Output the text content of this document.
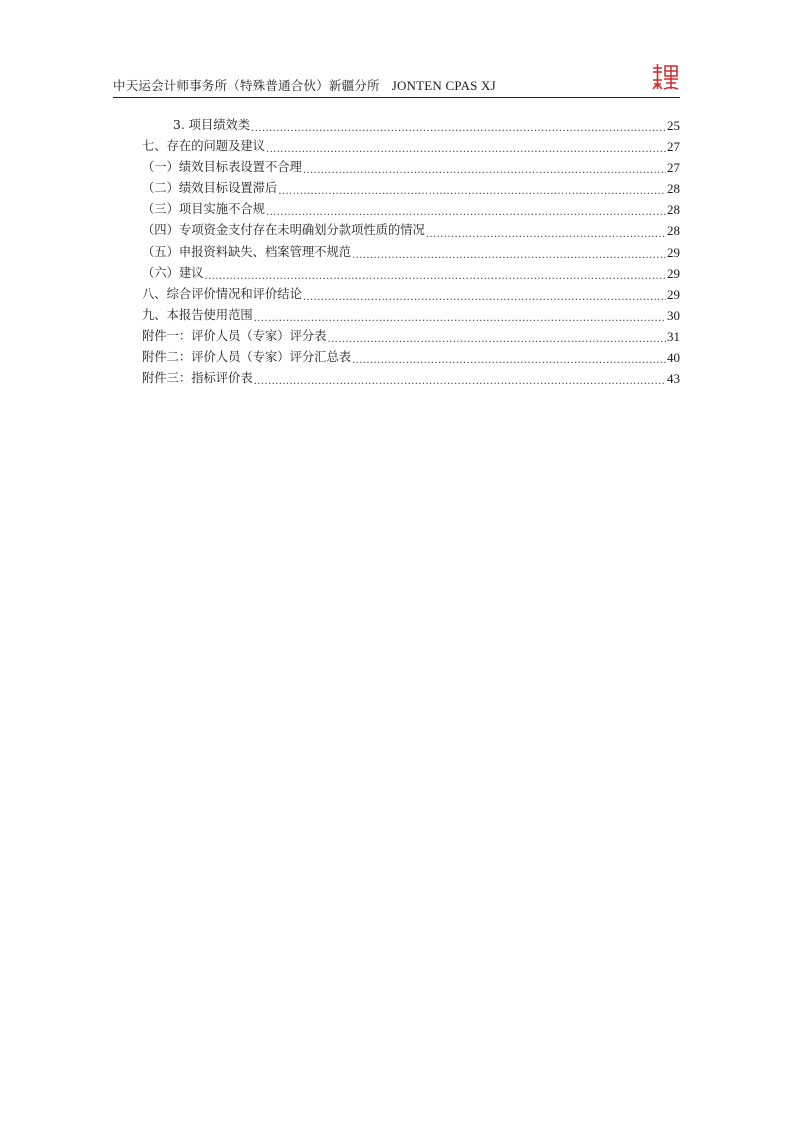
中天运会计师事务所（特殊普通合伙）新疆分所 JONTEN CPAS XJ
3. 项目绩效类 .....	25
七、存在的问题及建议 .....	27
（一）绩效目标表设置不合理 .....	27
（二）绩效目标设置滞后 .....	28
（三）项目实施不合规 .....	28
（四）专项资金支付存在未明确划分款项性质的情况 .....	28
（五）申报资料缺失、档案管理不规范 .....	29
（六）建议 .....	29
八、综合评价情况和评价结论 .....	29
九、本报告使用范围 .....	30
附件一：评价人员（专家）评分表 .....	31
附件二：评价人员（专家）评分汇总表 .....	40
附件三：指标评价表 .....	43
